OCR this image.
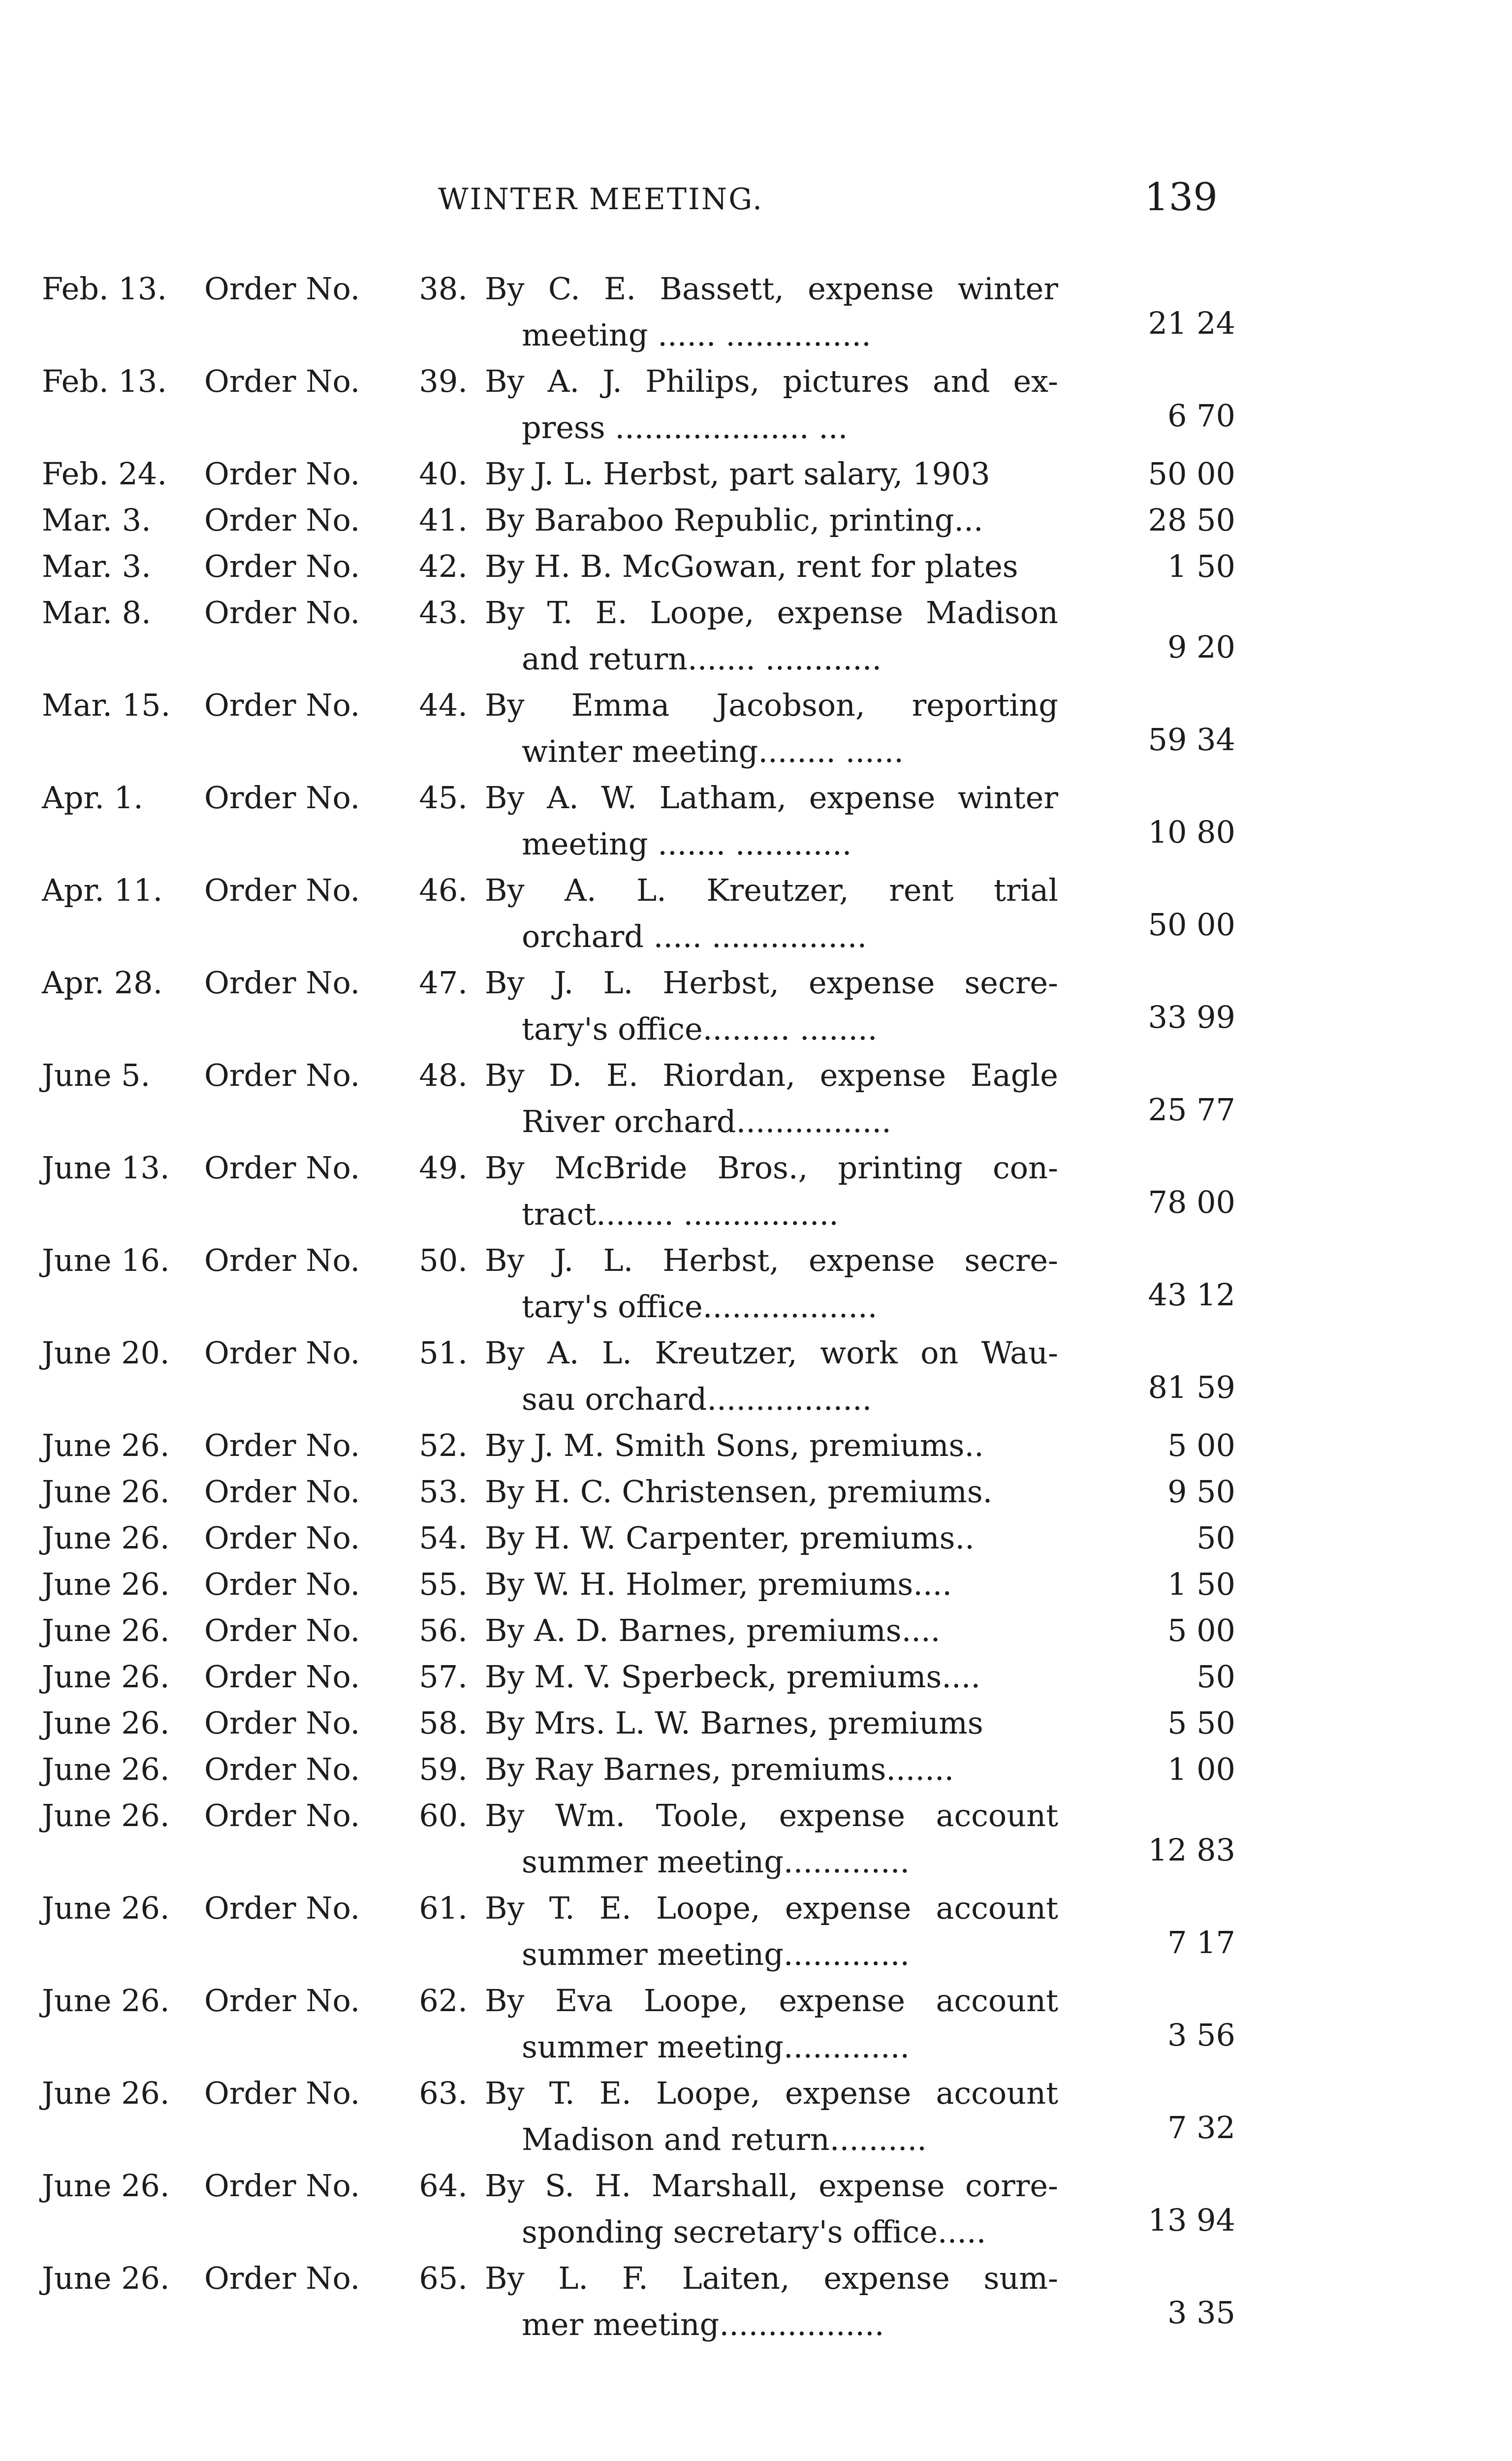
WINTER MEETING.	139
Feb. 13.	Order No.	38. By C. E. Bassett, expense winter
meeting ...... ...............	21 24
Feb. 13.	Order No.	39. By A. J. Philips, pictures and ex-
press .................... ...	6 70
Feb. 24.	Order No.	40. By J. L. Herbst, part salary, 1903	50 00
Mar. 3.	Order No.	41. By Baraboo Republic, printing...	28 50
Mar. 3.	Order No.	42. By H. B. McGowan, rent for plates	1 50
Mar. 8.	Order No.	43. By T. E. Loope, expense Madison
and return....... ............	9 20
Mar. 15.	Order No.	44. By Emma Jacobson, reporting
winter meeting........ ......	59 34
Apr. 1.	Order No.	45. By A. W. Latham, expense winter
meeting ....... ............	10 80
Apr. 11.	Order No.	46. By A. L. Kreutzer, rent trial
orchard ..... ................	50 00
Apr. 28.	Order No.	47. By J. L. Herbst, expense secre-
tary's office......... ........	33 99
June 5.	Order No.	48. By D. E. Riordan, expense Eagle
River orchard................	25 77
June 13.	Order No.	49. By McBride Bros., printing con-
tract........ ................	78 00
June 16.	Order No.	50. By J. L. Herbst, expense secre-
tary's office..................	43 12
June 20.	Order No.	51. By A. L. Kreutzer, work on Wau-
sau orchard.................	81 59
June 26.	Order No.	52. By J. M. Smith Sons, premiums..	5 00
June 26.	Order No.	53. By H. C. Christensen, premiums.	9 50
June 26.	Order No.	54. By H. W. Carpenter, premiums..	50
June 26.	Order No.	55. By W. H. Holmer, premiums....	1 50
June 26.	Order No.	56. By A. D. Barnes, premiums....	5 00
June 26.	Order No.	57. By M. V. Sperbeck, premiums....	50
June 26.	Order No.	58. By Mrs. L. W. Barnes, premiums	5 50
June 26.	Order No.	59. By Ray Barnes, premiums.......	1 00
June 26.	Order No.	60. By Wm. Toole, expense account
summer meeting.............	12 83
June 26.	Order No.	61. By T. E. Loope, expense account
summer meeting.............	7 17
June 26.	Order No.	62. By Eva Loope, expense account
summer meeting.............	3 56
June 26.	Order No.	63. By T. E. Loope, expense account
Madison and return..........	7 32
June 26.	Order No.	64. By S. H. Marshall, expense corre-
sponding secretary's office.....	13 94
June 26.	Order No.	65. By L. F. Laiten, expense sum-
mer meeting.................	3 35
